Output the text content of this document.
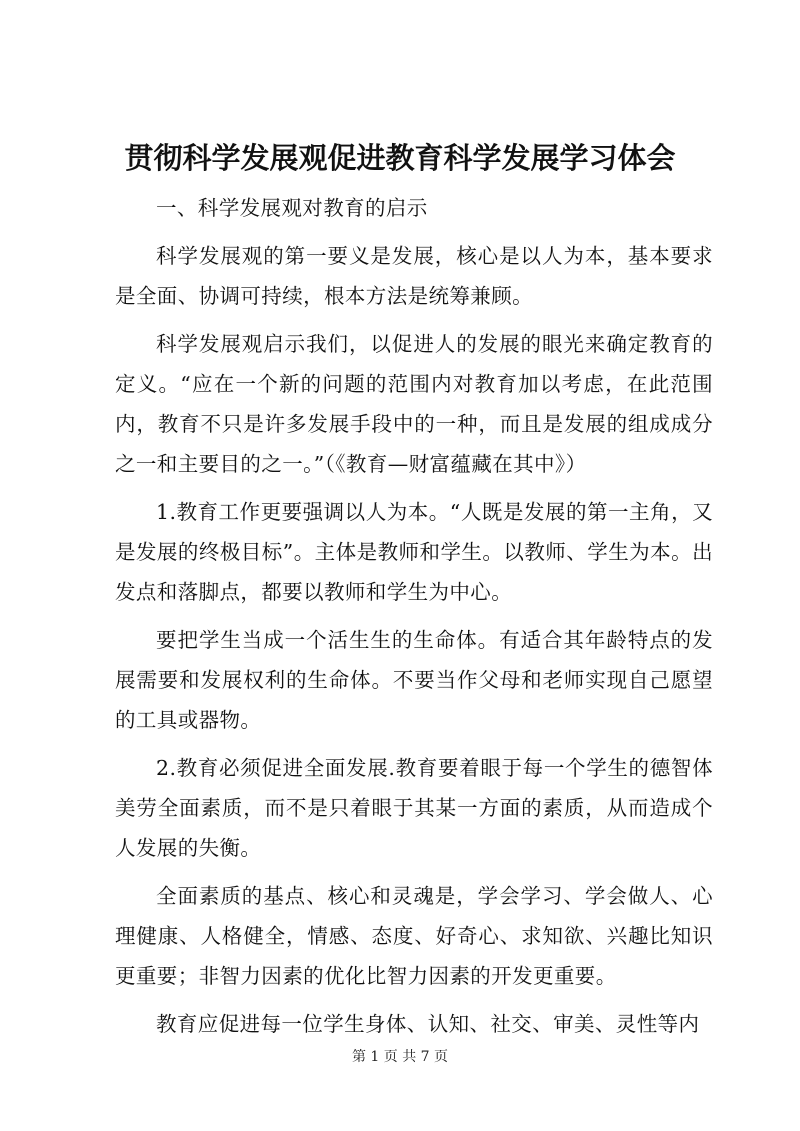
贯彻科学发展观促进教育科学发展学习体会

一、科学发展观对教育的启示

科学发展观的第一要义是发展，核心是以人为本，基本要求是全面、协调可持续，根本方法是统筹兼顾。

科学发展观启示我们，以促进人的发展的眼光来确定教育的定义。“应在一个新的问题的范围内对教育加以考虑，在此范围内，教育不只是许多发展手段中的一种，而且是发展的组成成分之一和主要目的之一。”（《教育—财富蕴藏在其中》）

1.教育工作更要强调以人为本。“人既是发展的第一主角，又是发展的终极目标”。主体是教师和学生。以教师、学生为本。出发点和落脚点，都要以教师和学生为中心。

要把学生当成一个活生生的生命体。有适合其年龄特点的发展需要和发展权利的生命体。不要当作父母和老师实现自己愿望的工具或器物。

2.教育必须促进全面发展.教育要着眼于每一个学生的德智体美劳全面素质，而不是只着眼于其某一方面的素质，从而造成个人发展的失衡。

全面素质的基点、核心和灵魂是，学会学习、学会做人、心理健康、人格健全，情感、态度、好奇心、求知欲、兴趣比知识更重要；非智力因素的优化比智力因素的开发更重要。

教育应促进每一位学生身体、认知、社交、审美、灵性等内

第 1 页 共 7 页
